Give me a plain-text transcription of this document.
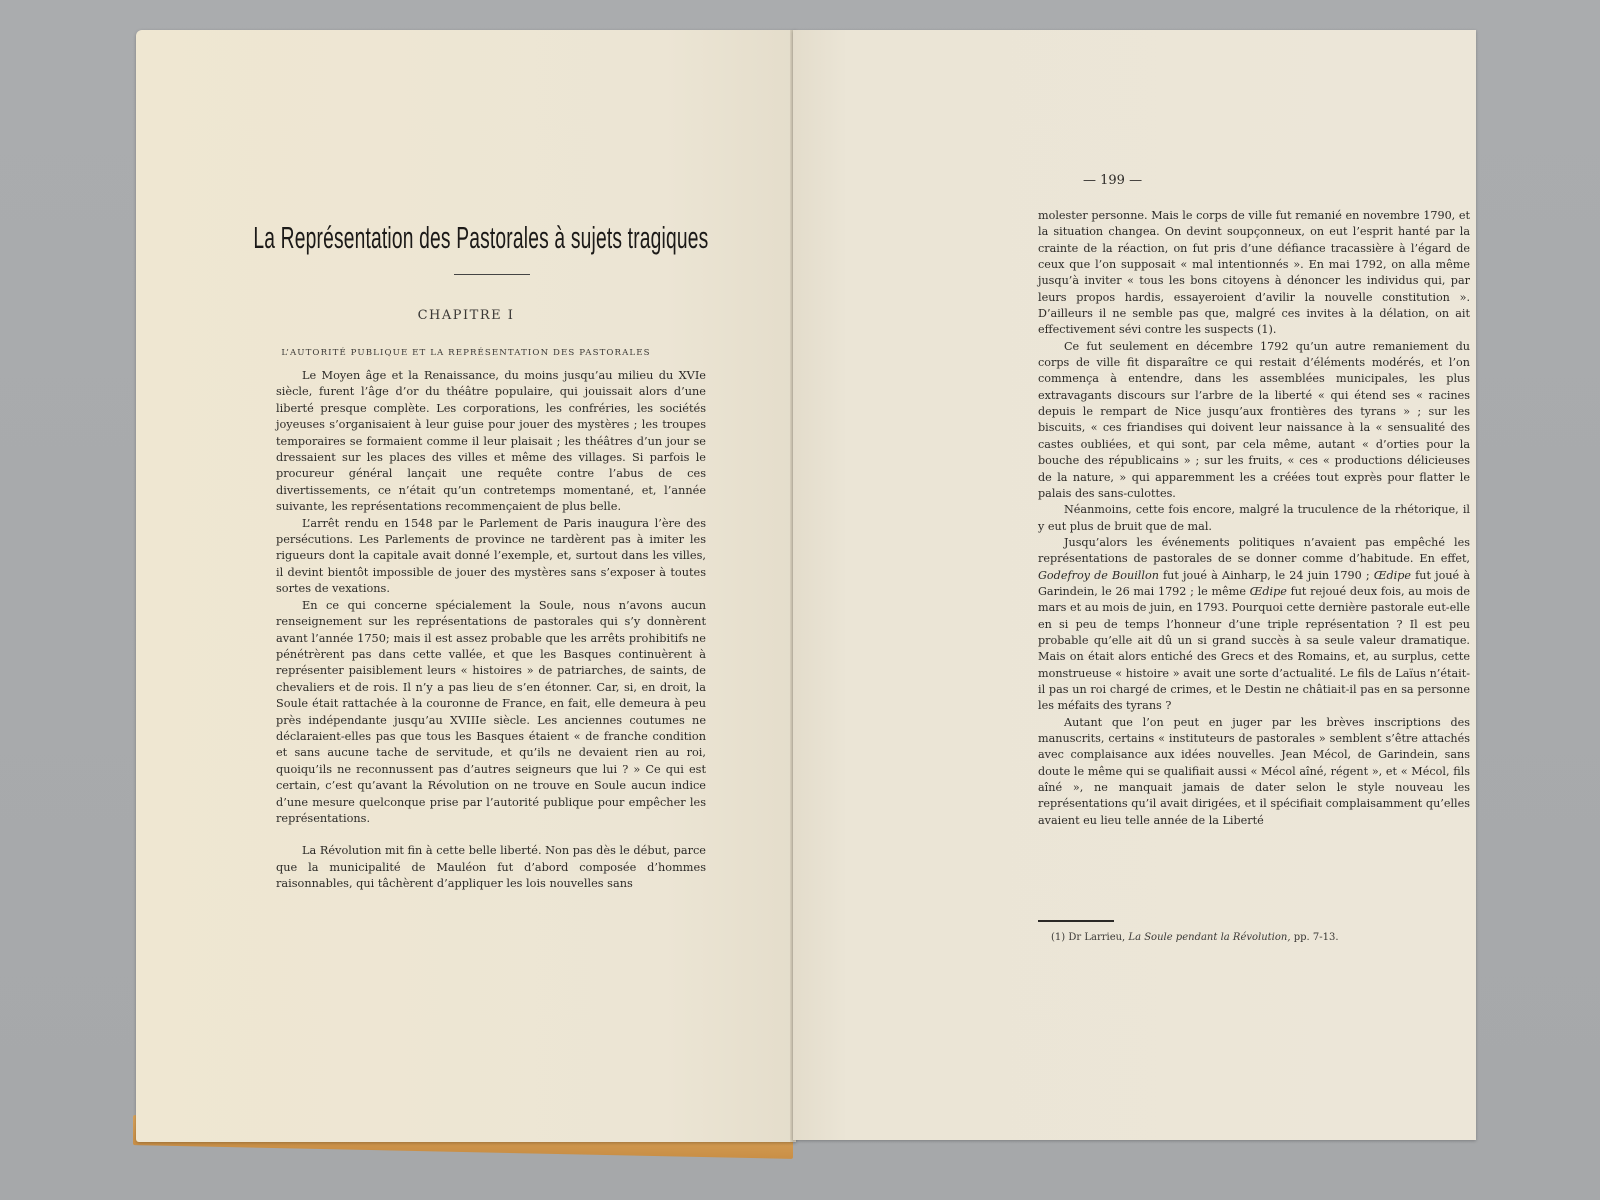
La Représentation des Pastorales à sujets tragiques
CHAPITRE I
L’AUTORITÉ PUBLIQUE ET LA REPRÉSENTATION DES PASTORALES

Le Moyen âge et la Renaissance, du moins jusqu’au milieu du XVIe siècle, furent l’âge d’or du théâtre populaire, qui jouissait alors d’une liberté presque complète. Les corporations, les confréries, les sociétés joyeuses s’organisaient à leur guise pour jouer des mystères ; les troupes temporaires se formaient comme il leur plaisait ; les théâtres d’un jour se dressaient sur les places des villes et même des villages. Si parfois le procureur général lançait une requête contre l’abus de ces divertissements, ce n’était qu’un contretemps momentané, et, l’année suivante, les représentations recommençaient de plus belle.

L’arrêt rendu en 1548 par le Parlement de Paris inaugura l’ère des persécutions. Les Parlements de province ne tardèrent pas à imiter les rigueurs dont la capitale avait donné l’exemple, et, surtout dans les villes, il devint bientôt impossible de jouer des mystères sans s’exposer à toutes sortes de vexations.

En ce qui concerne spécialement la Soule, nous n’avons aucun renseignement sur les représentations de pastorales qui s’y donnèrent avant l’année 1750; mais il est assez probable que les arrêts prohibitifs ne pénétrèrent pas dans cette vallée, et que les Basques continuèrent à représenter paisiblement leurs « histoires » de patriarches, de saints, de chevaliers et de rois. Il n’y a pas lieu de s’en étonner. Car, si, en droit, la Soule était rattachée à la couronne de France, en fait, elle demeura à peu près indépendante jusqu’au XVIIIe siècle. Les anciennes coutumes ne déclaraient-elles pas que tous les Basques étaient « de franche condition et sans aucune tache de servitude, et qu’ils ne devaient rien au roi, quoiqu’ils ne reconnussent pas d’autres seigneurs que lui ? » Ce qui est certain, c’est qu’avant la Révolution on ne trouve en Soule aucun indice d’une mesure quelconque prise par l’autorité publique pour empêcher les représentations.

La Révolution mit fin à cette belle liberté. Non pas dès le début, parce que la municipalité de Mauléon fut d’abord composée d’hommes raisonnables, qui tâchèrent d’appliquer les lois nouvelles sans

— 199 —

molester personne. Mais le corps de ville fut remanié en novembre 1790, et la situation changea. On devint soupçonneux, on eut l’esprit hanté par la crainte de la réaction, on fut pris d’une défiance tracassière à l’égard de ceux que l’on supposait « mal intentionnés ». En mai 1792, on alla même jusqu’à inviter « tous les bons citoyens à dénoncer les individus qui, par leurs propos hardis, essayeroient d’avilir la nouvelle constitution ». D’ailleurs il ne semble pas que, malgré ces invites à la délation, on ait effectivement sévi contre les suspects (1).

Ce fut seulement en décembre 1792 qu’un autre remaniement du corps de ville fit disparaître ce qui restait d’éléments modérés, et l’on commença à entendre, dans les assemblées municipales, les plus extravagants discours sur l’arbre de la liberté « qui étend ses « racines depuis le rempart de Nice jusqu’aux frontières des tyrans » ; sur les biscuits, « ces friandises qui doivent leur naissance à la « sensualité des castes oubliées, et qui sont, par cela même, autant « d’orties pour la bouche des républicains » ; sur les fruits, « ces « productions délicieuses de la nature, » qui apparemment les a créées tout exprès pour flatter le palais des sans-culottes.

Néanmoins, cette fois encore, malgré la truculence de la rhétorique, il y eut plus de bruit que de mal.

Jusqu’alors les événements politiques n’avaient pas empêché les représentations de pastorales de se donner comme d’habitude. En effet, Godefroy de Bouillon fut joué à Ainharp, le 24 juin 1790 ; Œdipe fut joué à Garindein, le 26 mai 1792 ; le même Œdipe fut rejoué deux fois, au mois de mars et au mois de juin, en 1793. Pourquoi cette dernière pastorale eut-elle en si peu de temps l’honneur d’une triple représentation ? Il est peu probable qu’elle ait dû un si grand succès à sa seule valeur dramatique. Mais on était alors entiché des Grecs et des Romains, et, au surplus, cette monstrueuse « histoire » avait une sorte d’actualité. Le fils de Laïus n’était-il pas un roi chargé de crimes, et le Destin ne châtiait-il pas en sa personne les méfaits des tyrans ?

Autant que l’on peut en juger par les brèves inscriptions des manuscrits, certains « instituteurs de pastorales » semblent s’être attachés avec complaisance aux idées nouvelles. Jean Mécol, de Garindein, sans doute le même qui se qualifiait aussi « Mécol aîné, régent », et « Mécol, fils aîné », ne manquait jamais de dater selon le style nouveau les représentations qu’il avait dirigées, et il spécifiait complaisamment qu’elles avaient eu lieu telle année de la Liberté

(1) Dr Larrieu, La Soule pendant la Révolution, pp. 7-13.
